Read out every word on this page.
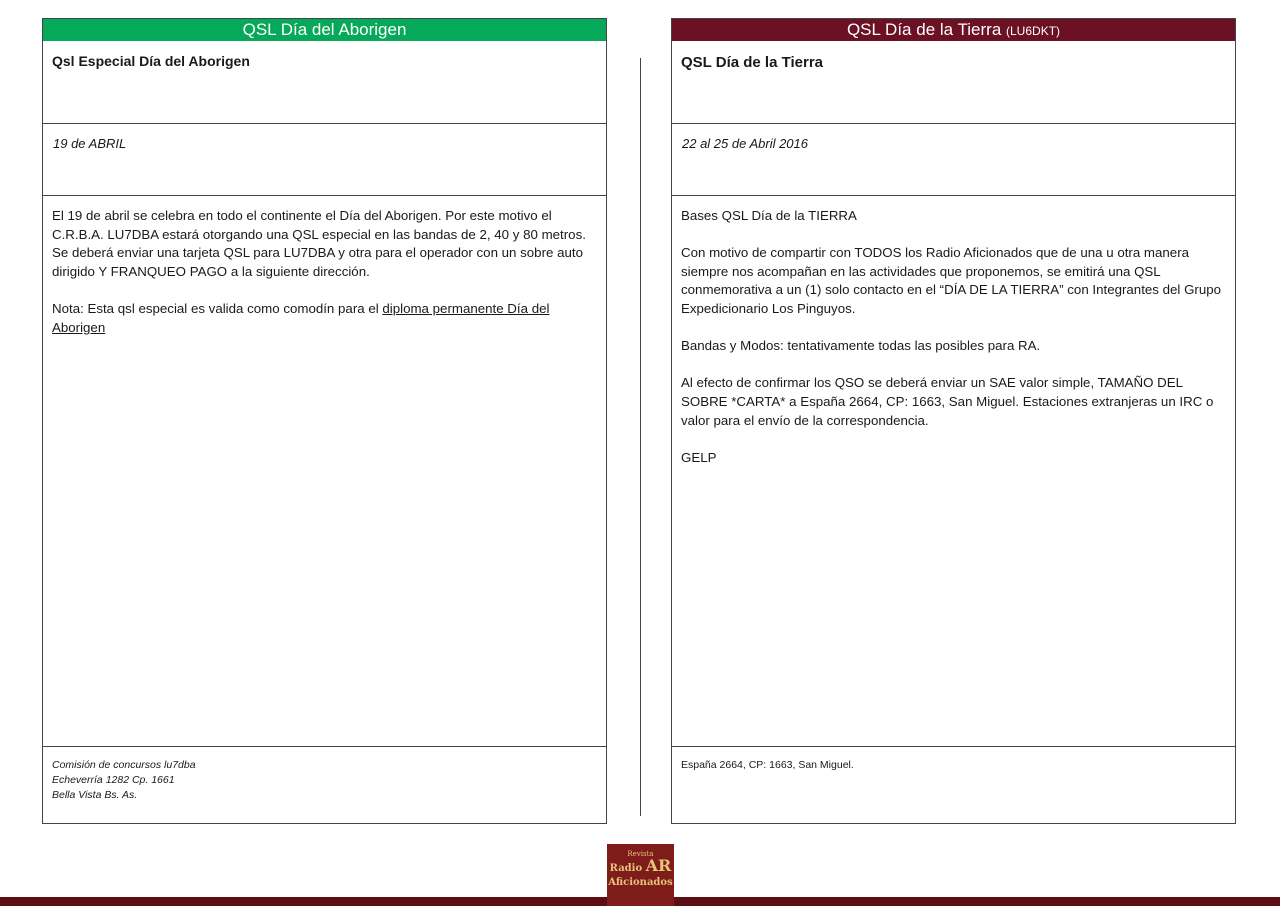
QSL Día del Aborigen
Qsl Especial Día del Aborigen
19 de ABRIL

El 19 de abril se celebra en todo el continente el Día del Aborigen. Por este motivo el C.R.B.A. LU7DBA estará otorgando una QSL especial en las bandas de 2, 40 y 80 metros. Se deberá enviar una tarjeta QSL para LU7DBA y otra para el operador con un sobre auto dirigido Y FRANQUEO PAGO a la siguiente dirección.

Nota: Esta qsl especial es valida como comodín para el diploma permanente Día del Aborigen

Comisión de concursos lu7dba
Echeverría 1282 Cp. 1661
Bella Vista Bs. As.
QSL Día de la Tierra (LU6DKT)
QSL Día de la Tierra
22 al 25 de Abril 2016

Bases QSL Día de la TIERRA

Con motivo de compartir con TODOS los Radio Aficionados que de una u otra manera siempre nos acompañan en las actividades que proponemos, se emitirá una QSL conmemorativa a un (1) solo contacto en el “DÍA DE LA TIERRA” con Integrantes del Grupo Expedicionario Los Pinguyos.

Bandas y Modos: tentativamente todas las posibles para RA.

Al efecto de confirmar los QSO se deberá enviar un SAE valor simple, TAMAÑO DEL SOBRE *CARTA* a España 2664, CP: 1663, San Miguel. Estaciones extranjeras un IRC o valor para el envío de la correspondencia.

GELP

España 2664, CP: 1663, San Miguel.
Revista
Radio AR
Aficionados
